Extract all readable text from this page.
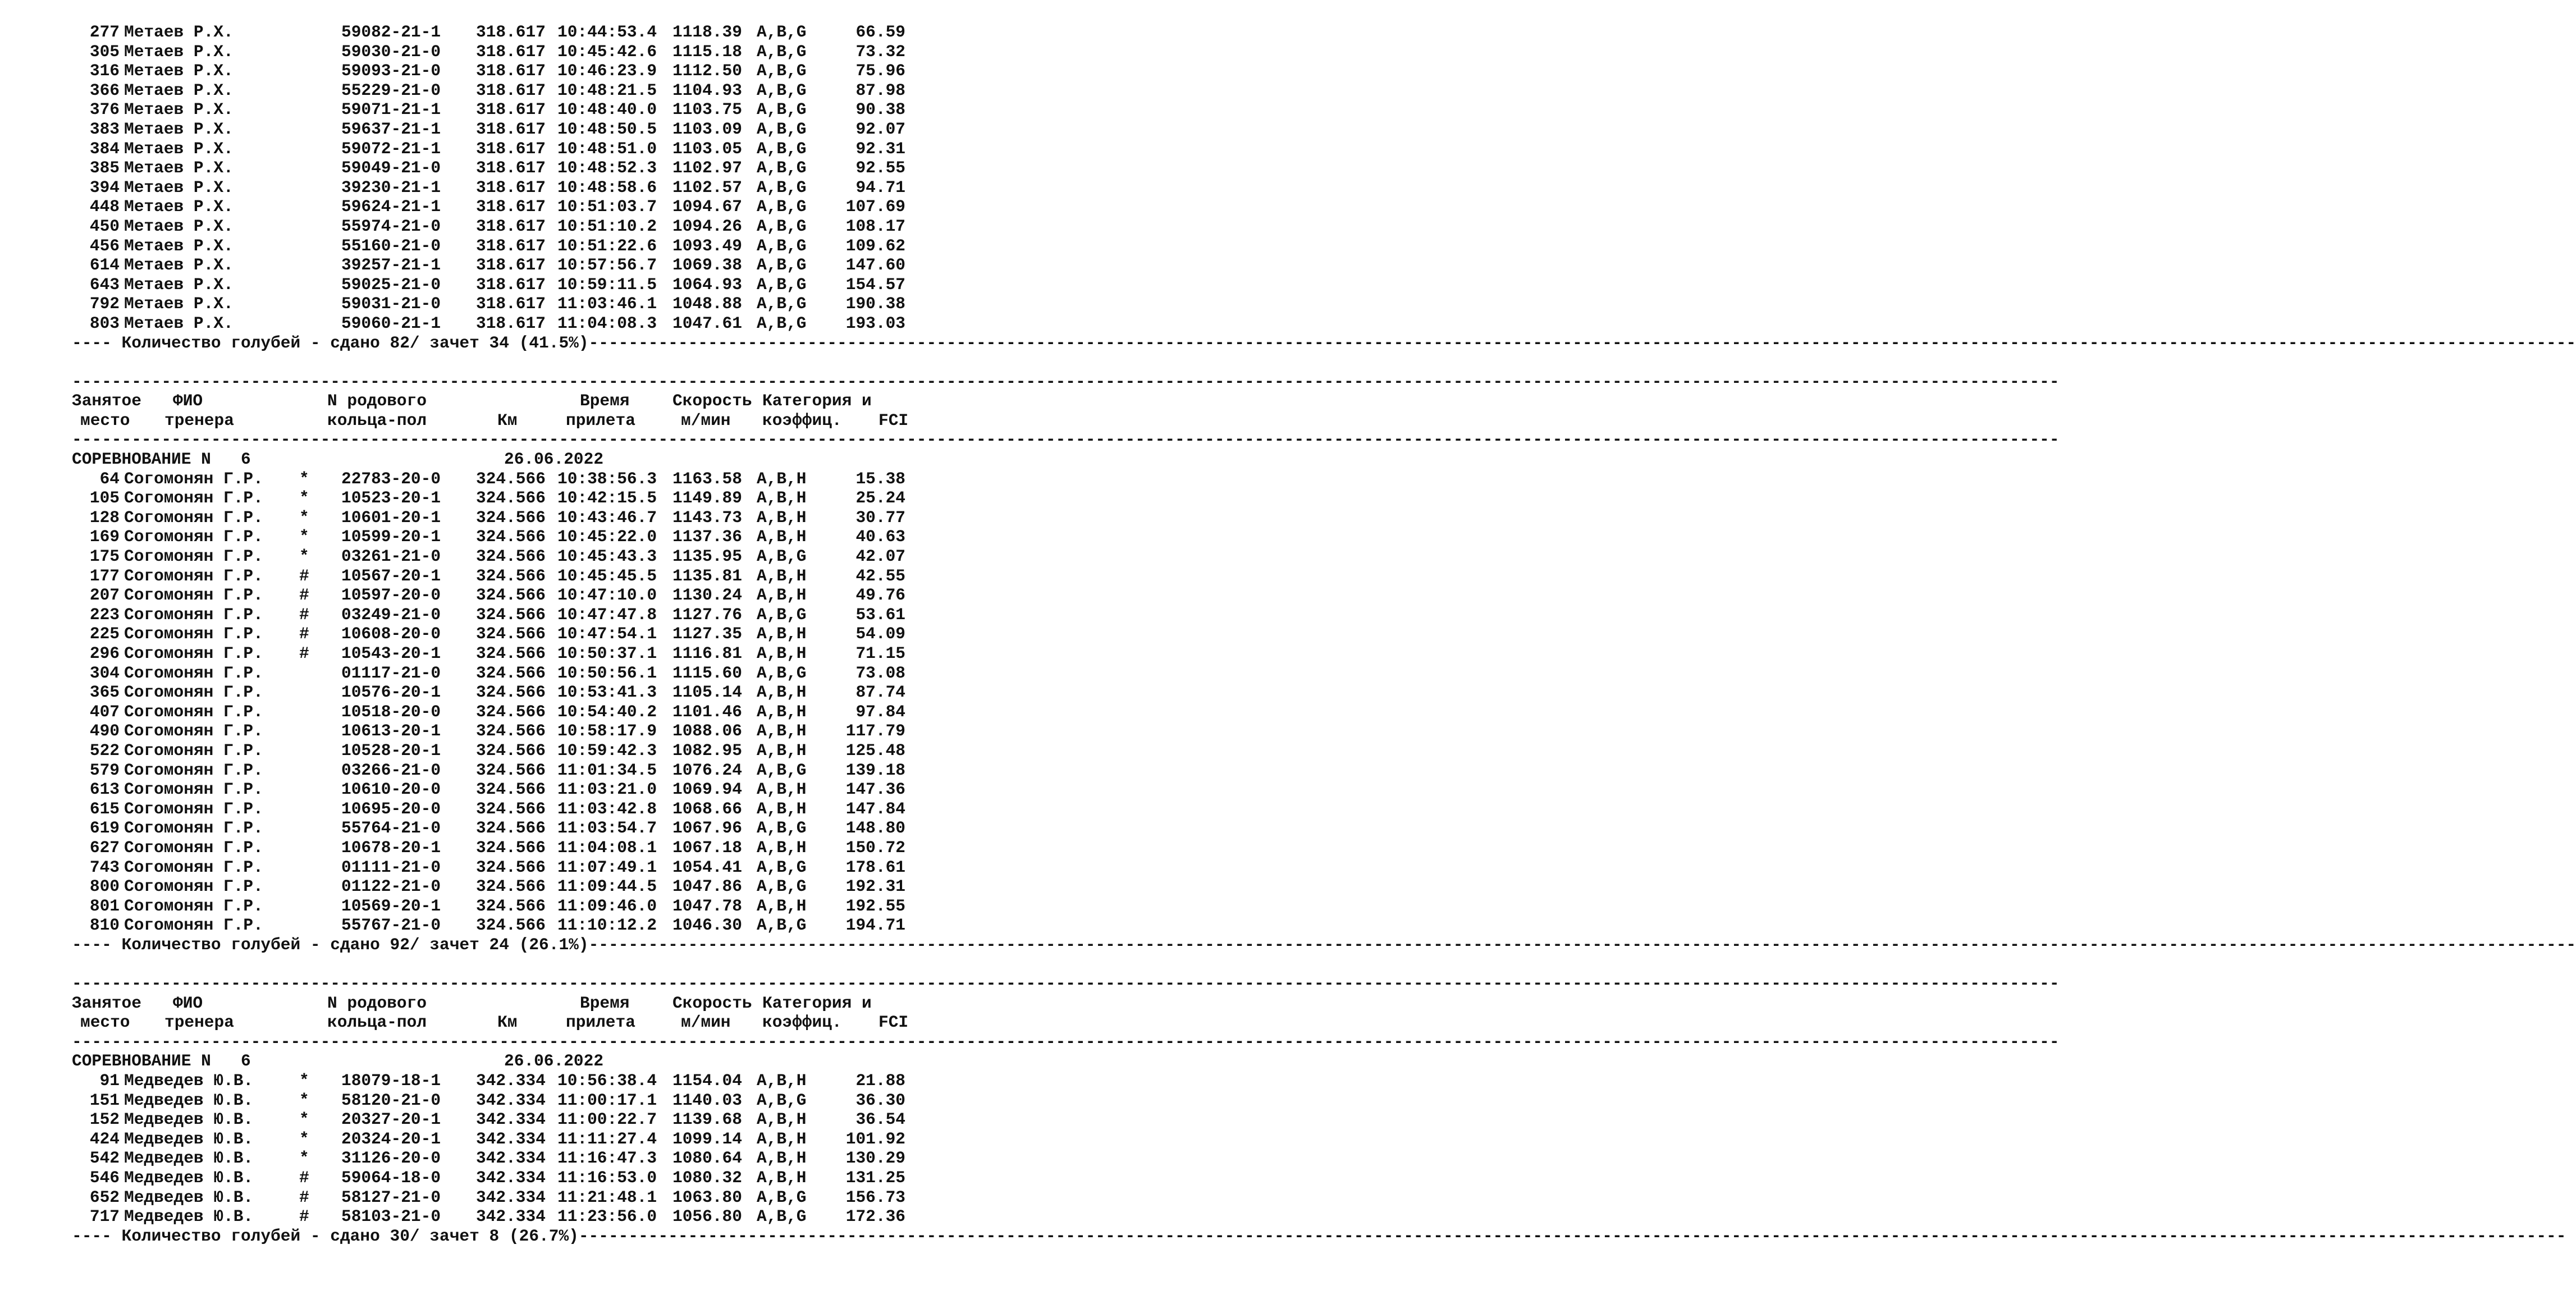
277 Метаев Р.Х.	59082-21-1 318.617 10:44:53.4 1118.39 A,B,G	66.59
305 Метаев Р.Х.	59030-21-0 318.617 10:45:42.6 1115.18 A,B,G	73.32
316 Метаев Р.Х.	59093-21-0 318.617 10:46:23.9 1112.50 A,B,G	75.96
366 Метаев Р.Х.	55229-21-0 318.617 10:48:21.5 1104.93 A,B,G	87.98
376 Метаев Р.Х.	59071-21-1 318.617 10:48:40.0 1103.75 A,B,G	90.38
383 Метаев Р.Х.	59637-21-1 318.617 10:48:50.5 1103.09 A,B,G	92.07
384 Метаев Р.Х.	59072-21-1 318.617 10:48:51.0 1103.05 A,B,G	92.31
385 Метаев Р.Х.	59049-21-0 318.617 10:48:52.3 1102.97 A,B,G	92.55
394 Метаев Р.Х.	39230-21-1 318.617 10:48:58.6 1102.57 A,B,G	94.71
448 Метаев Р.Х.	59624-21-1 318.617 10:51:03.7 1094.67 A,B,G	107.69
450 Метаев Р.Х.	55974-21-0 318.617 10:51:10.2 1094.26 A,B,G	108.17
456 Метаев Р.Х.	55160-21-0 318.617 10:51:22.6 1093.49 A,B,G	109.62
614 Метаев Р.Х.	39257-21-1 318.617 10:57:56.7 1069.38 A,B,G	147.60
643 Метаев Р.Х.	59025-21-0 318.617 10:59:11.5 1064.93 A,B,G	154.57
792 Метаев Р.Х.	59031-21-0 318.617 11:03:46.1 1048.88 A,B,G	190.38
803 Метаев Р.Х.	59060-21-1 318.617 11:04:08.3 1047.61 A,B,G	193.03
---- Количество голубей - сдано 82/ зачет 34 (41.5%)--------------------------------------------------------------------------------------------------------------------------------------------------------------------------------------------------------
--------------------------------------------------------------------------------------------------------------------------------------------------------------------------------------------------------
Занятое ФИО	N родового	Время	Скорость Категория и
место тренера	кольца-пол	Км	прилета	м/мин коэффиц. FCI
--------------------------------------------------------------------------------------------------------------------------------------------------------------------------------------------------------
СОРЕВНОВАНИЕ N   6	26.06.2022
64 Согомонян Г.Р. * 22783-20-0 324.566 10:38:56.3 1163.58 A,B,H	15.38
105 Согомонян Г.Р. * 10523-20-1 324.566 10:42:15.5 1149.89 A,B,H	25.24
128 Согомонян Г.Р. * 10601-20-1 324.566 10:43:46.7 1143.73 A,B,H	30.77
169 Согомонян Г.Р. * 10599-20-1 324.566 10:45:22.0 1137.36 A,B,H	40.63
175 Согомонян Г.Р. * 03261-21-0 324.566 10:45:43.3 1135.95 A,B,G	42.07
177 Согомонян Г.Р. # 10567-20-1 324.566 10:45:45.5 1135.81 A,B,H	42.55
207 Согомонян Г.Р. # 10597-20-0 324.566 10:47:10.0 1130.24 A,B,H	49.76
223 Согомонян Г.Р. # 03249-21-0 324.566 10:47:47.8 1127.76 A,B,G	53.61
225 Согомонян Г.Р. # 10608-20-0 324.566 10:47:54.1 1127.35 A,B,H	54.09
296 Согомонян Г.Р. # 10543-20-1 324.566 10:50:37.1 1116.81 A,B,H	71.15
304 Согомонян Г.Р.	01117-21-0 324.566 10:50:56.1 1115.60 A,B,G	73.08
365 Согомонян Г.Р.	10576-20-1 324.566 10:53:41.3 1105.14 A,B,H	87.74
407 Согомонян Г.Р.	10518-20-0 324.566 10:54:40.2 1101.46 A,B,H	97.84
490 Согомонян Г.Р.	10613-20-1 324.566 10:58:17.9 1088.06 A,B,H	117.79
522 Согомонян Г.Р.	10528-20-1 324.566 10:59:42.3 1082.95 A,B,H	125.48
579 Согомонян Г.Р.	03266-21-0 324.566 11:01:34.5 1076.24 A,B,G	139.18
613 Согомонян Г.Р.	10610-20-0 324.566 11:03:21.0 1069.94 A,B,H	147.36
615 Согомонян Г.Р.	10695-20-0 324.566 11:03:42.8 1068.66 A,B,H	147.84
619 Согомонян Г.Р.	55764-21-0 324.566 11:03:54.7 1067.96 A,B,G	148.80
627 Согомонян Г.Р.	10678-20-1 324.566 11:04:08.1 1067.18 A,B,H	150.72
743 Согомонян Г.Р.	01111-21-0 324.566 11:07:49.1 1054.41 A,B,G	178.61
800 Согомонян Г.Р.	01122-21-0 324.566 11:09:44.5 1047.86 A,B,G	192.31
801 Согомонян Г.Р.	10569-20-1 324.566 11:09:46.0 1047.78 A,B,H	192.55
810 Согомонян Г.Р.	55767-21-0 324.566 11:10:12.2 1046.30 A,B,G	194.71
---- Количество голубей - сдано 92/ зачет 24 (26.1%)--------------------------------------------------------------------------------------------------------------------------------------------------------------------------------------------------------
--------------------------------------------------------------------------------------------------------------------------------------------------------------------------------------------------------
Занятое ФИО	N родового	Время	Скорость Категория и
место тренера	кольца-пол	Км	прилета	м/мин коэффиц. FCI
--------------------------------------------------------------------------------------------------------------------------------------------------------------------------------------------------------
СОРЕВНОВАНИЕ N   6	26.06.2022
91 Медведев Ю.В.	* 18079-18-1 342.334 10:56:38.4 1154.04 A,B,H	21.88
151 Медведев Ю.В.	* 58120-21-0 342.334 11:00:17.1 1140.03 A,B,G	36.30
152 Медведев Ю.В.	* 20327-20-1 342.334 11:00:22.7 1139.68 A,B,H	36.54
424 Медведев Ю.В.	* 20324-20-1 342.334 11:11:27.4 1099.14 A,B,H	101.92
542 Медведев Ю.В.	* 31126-20-0 342.334 11:16:47.3 1080.64 A,B,H	130.29
546 Медведев Ю.В.	# 59064-18-0 342.334 11:16:53.0 1080.32 A,B,H	131.25
652 Медведев Ю.В.	# 58127-21-0 342.334 11:21:48.1 1063.80 A,B,G	156.73
717 Медведев Ю.В.	# 58103-21-0 342.334 11:23:56.0 1056.80 A,B,G	172.36
---- Количество голубей - сдано 30/ зачет 8 (26.7%)--------------------------------------------------------------------------------------------------------------------------------------------------------------------------------------------------------
